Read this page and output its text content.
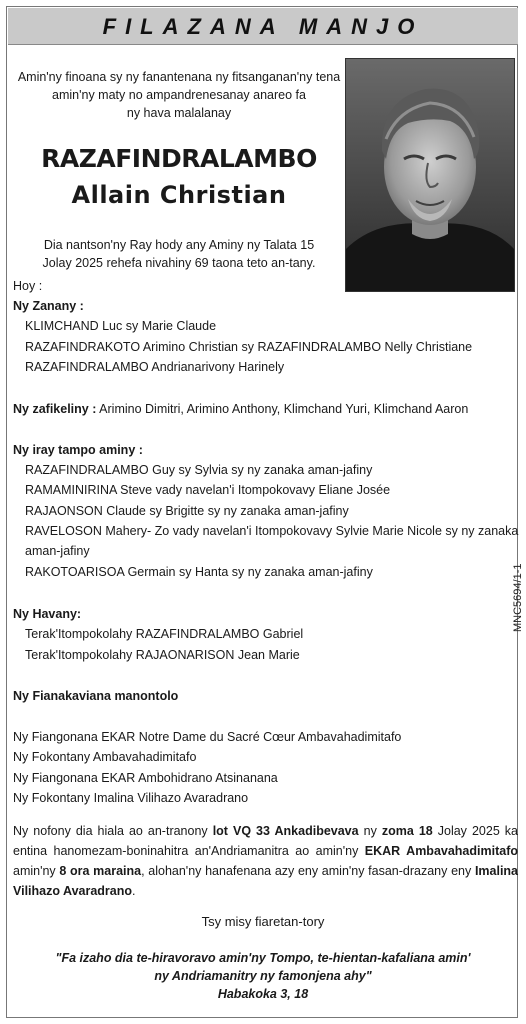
FILAZANA MANJO
Amin'ny finoana sy ny fanantenana ny fitsanganan'ny tena
amin'ny maty no ampandrenesanay anareo fa
ny hava malalanay
RAZAFINDRALAMBO
Allain Christian
Dia nantson'ny Ray hody any Aminy ny Talata 15
Jolay 2025 rehefa nivahiny 69 taona teto an-tany.
Hoy :
Ny Zanany :
KLIMCHAND Luc sy Marie Claude
RAZAFINDRAKOTO Arimino Christian sy RAZAFINDRALAMBO Nelly Christiane
RAZAFINDRALAMBO Andrianarivony Harinely
Ny zafikeliny : Arimino Dimitri, Arimino Anthony, Klimchand Yuri, Klimchand Aaron
Ny iray tampo aminy :
RAZAFINDRALAMBO Guy sy Sylvia sy ny zanaka aman-jafiny
RAMAMINIRINA Steve vady navelan'i Itompokovavy Eliane Josée
RAJAONSON Claude sy Brigitte sy ny zanaka aman-jafiny
RAVELOSON Mahery- Zo vady navelan'i Itompokovavy Sylvie Marie Nicole sy ny zanaka
aman-jafiny
RAKOTOARISOA Germain sy Hanta sy ny zanaka aman-jafiny
Ny Havany:
Terak'Itompokolahy RAZAFINDRALAMBO Gabriel
Terak'Itompokolahy RAJAONARISON Jean Marie
Ny Fianakaviana manontolo
Ny Fiangonana EKAR Notre Dame du Sacré Cœur Ambavahadimitafo
Ny Fokontany Ambavahadimitafo
Ny Fiangonana EKAR Ambohidrano Atsinanana
Ny Fokontany Imalina Vilihazo Avaradrano
MNC5694/1-1
Ny nofony dia hiala ao an-tranony lot VQ 33 Ankadibevava ny zoma 18 Jolay 2025 ka entina hanomezam-boninahitra an'Andriamanitra ao amin'ny EKAR Ambavahadimitafo amin'ny 8 ora maraina, alohan'ny hanafenana azy eny amin'ny fasan-drazany eny Imalina Vilihazo Avaradrano.
Tsy misy fiaretan-tory
"Fa izaho dia te-hiravoravo amin'ny Tompo, te-hientan-kafaliana amin'
ny Andriamanitry ny famonjena ahy"
Habakoka 3, 18
